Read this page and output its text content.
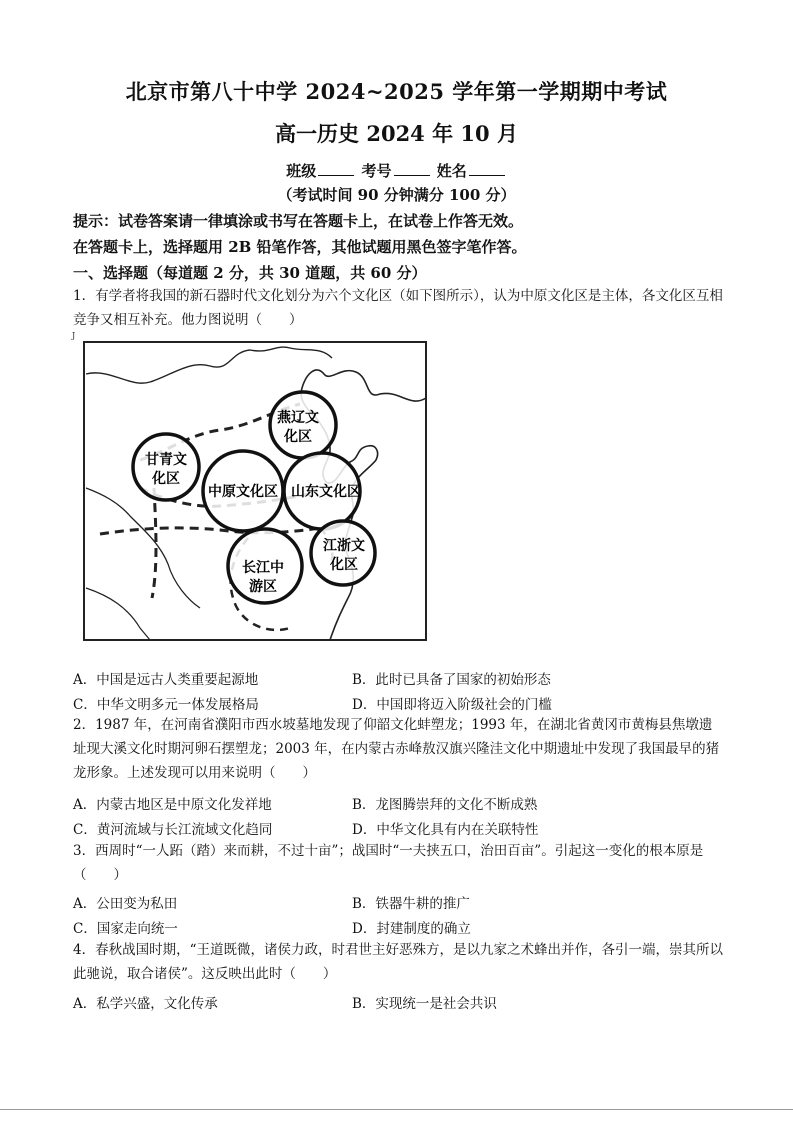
北京市第八十中学 2024~2025 学年第一学期期中考试
高一历史 2024 年 10 月
班级	考号	姓名
（考试时间 90 分钟满分 100 分）
提示：试卷答案请一律填涂或书写在答题卡上，在试卷上作答无效。
在答题卡上，选择题用 2B 铅笔作答，其他试题用黑色签字笔作答。
一、选择题（每道题 2 分，共 30 道题，共 60 分）
1．有学者将我国的新石器时代文化划分为六个文化区（如下图所示），认为中原文化区是主体，各文化区互相竞争又相互补充。他力图说明（　　）
J
燕辽文
化区
甘青文
化区
中原文化区 山东文化区
长江中
游区
江浙文
化区
A．中国是远古人类重要起源地	B．此时已具备了国家的初始形态
C．中华文明多元一体发展格局	D．中国即将迈入阶级社会的门槛
2．1987 年，在河南省濮阳市西水坡墓地发现了仰韶文化蚌塑龙；1993 年，在湖北省黄冈市黄梅县焦墩遗址现大溪文化时期河卵石摆塑龙；2003 年，在内蒙古赤峰敖汉旗兴隆洼文化中期遗址中发现了我国最早的猪龙形象。上述发现可以用来说明（　　）
A．内蒙古地区是中原文化发祥地	B．龙图腾崇拜的文化不断成熟
C．黄河流域与长江流域文化趋同	D．中华文化具有内在关联特性
3．西周时“一人跖（踏）来而耕，不过十亩”；战国时“一夫挟五口，治田百亩”。引起这一变化的根本原是（　　）
A．公田变为私田	B．铁器牛耕的推广
C．国家走向统一	D．封建制度的确立
4．春秋战国时期，“王道既微，诸侯力政，时君世主好恶殊方，是以九家之术蜂出并作，各引一端，崇其所以此驰说，取合诸侯”。这反映出此时（　　）
A．私学兴盛，文化传承	B．实现统一是社会共识
